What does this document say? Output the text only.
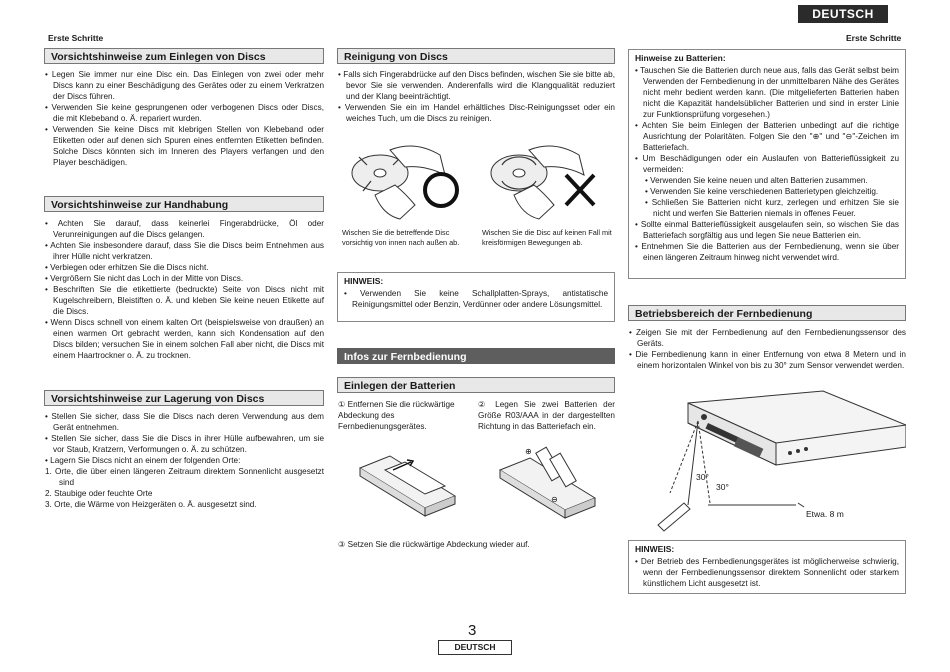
DEUTSCH
Erste Schritte	Erste Schritte
Vorsichtshinweise zum Einlegen von Discs

• Legen Sie immer nur eine Disc ein. Das Einlegen von zwei oder mehr Discs kann zu einer Beschädigung des Gerätes oder zu einem Verkratzen der Discs führen.

• Verwenden Sie keine gesprungenen oder verbogenen Discs oder Discs, die mit Klebeband o. Ä. repariert wurden.

• Verwenden Sie keine Discs mit klebrigen Stellen von Klebeband oder Etiketten oder auf denen sich Spuren eines entfernten Etiketten befinden. Solche Discs könnten sich im Inneren des Players verfangen und den Player beschädigen.

Vorsichtshinweise zur Handhabung

• Achten Sie darauf, dass keinerlei Fingerabdrücke, Öl oder Verunreinigungen auf die Discs gelangen.

• Achten Sie insbesondere darauf, dass Sie die Discs beim Entnehmen aus ihrer Hülle nicht verkratzen.

• Verbiegen oder erhitzen Sie die Discs nicht.

• Vergrößern Sie nicht das Loch in der Mitte von Discs.

• Beschriften Sie die etikettierte (bedruckte) Seite von Discs nicht mit Kugelschreibern, Bleistiften o. Ä. und kleben Sie keine neuen Etikette auf die Discs.

• Wenn Discs schnell von einem kalten Ort (beispielsweise von draußen) an einen warmen Ort gebracht werden, kann sich Kondensation auf den Discs bilden; versuchen Sie in einem solchen Fall aber nicht, die Discs mit einem Haartrockner o. Ä. zu trocknen.

Vorsichtshinweise zur Lagerung von Discs

• Stellen Sie sicher, dass Sie die Discs nach deren Verwendung aus dem Gerät entnehmen.

• Stellen Sie sicher, dass Sie die Discs in ihrer Hülle aufbewahren, um sie vor Staub, Kratzern, Verformungen o. Ä. zu schützen.

• Lagern Sie Discs nicht an einem der folgenden Orte:

1. Orte, die über einen längeren Zeitraum direktem Sonnenlicht ausgesetzt sind

2. Staubige oder feuchte Orte

3. Orte, die Wärme von Heizgeräten o. Ä. ausgesetzt sind.

Reinigung von Discs

• Falls sich Fingerabdrücke auf den Discs befinden, wischen Sie sie bitte ab, bevor Sie sie verwenden. Anderenfalls wird die Klangqualität reduziert und der Klang beeinträchtigt.

• Verwenden Sie ein im Handel erhältliches Disc-Reinigungsset oder ein weiches Tuch, um die Discs zu reinigen.

Wischen Sie die betreffende Disc vorsichtig von innen nach außen ab.
Wischen Sie die Disc auf keinen Fall mit kreisförmigen Bewegungen ab.
HINWEIS:

• Verwenden Sie keine Schallplatten-Sprays, antistatische Reinigungsmittel oder Benzin, Verdünner oder andere Lösungsmittel.

Infos zur Fernbedienung
Einlegen der Batterien
① Entfernen Sie die rückwärtige Abdeckung des Fernbedienungsgerätes.
② Legen Sie zwei Batterien der Größe R03/AAA in der dargestellten Richtung in das Batteriefach ein.
⊕
⊖
③ Setzen Sie die rückwärtige Abdeckung wieder auf.
Hinweise zu Batterien:

• Tauschen Sie die Batterien durch neue aus, falls das Gerät selbst beim Verwenden der Fernbedienung in der unmittelbaren Nähe des Gerätes nicht mehr bedient werden kann. (Die mitgelieferten Batterien haben nicht die Kapazität handelsüblicher Batterien und sind in erster Linie zur Funktionsprüfung vorgesehen.)

• Achten Sie beim Einlegen der Batterien unbedingt auf die richtige Ausrichtung der Polaritäten. Folgen Sie den "⊕" und "⊖"-Zeichen im Batteriefach.

• Um Beschädigungen oder ein Auslaufen von Batterieflüssigkeit zu vermeiden:

• Verwenden Sie keine neuen und alten Batterien zusammen.

• Verwenden Sie keine verschiedenen Batterietypen gleichzeitig.

• Schließen Sie Batterien nicht kurz, zerlegen und erhitzen Sie sie nicht und werfen Sie Batterien niemals in offenes Feuer.

• Sollte einmal Batterieflüssigkeit ausgelaufen sein, so wischen Sie das Batteriefach sorgfältig aus und legen Sie neue Batterien ein.

• Entnehmen Sie die Batterien aus der Fernbedienung, wenn sie über einen längeren Zeitraum hinweg nicht verwendet wird.

Betriebsbereich der Fernbedienung

• Zeigen Sie mit der Fernbedienung auf den Fernbedienungssensor des Geräts.

• Die Fernbedienung kann in einer Entfernung von etwa 8 Metern und in einem horizontalen Winkel von bis zu 30° zum Sensor verwendet werden.

30°
30°
Etwa. 8 m
HINWEIS:

• Der Betrieb des Fernbedienungsgerätes ist möglicherweise schwierig, wenn der Fernbedienungssensor direktem Sonnenlicht oder starkem künstlichem Licht ausgesetzt ist.

3
DEUTSCH
